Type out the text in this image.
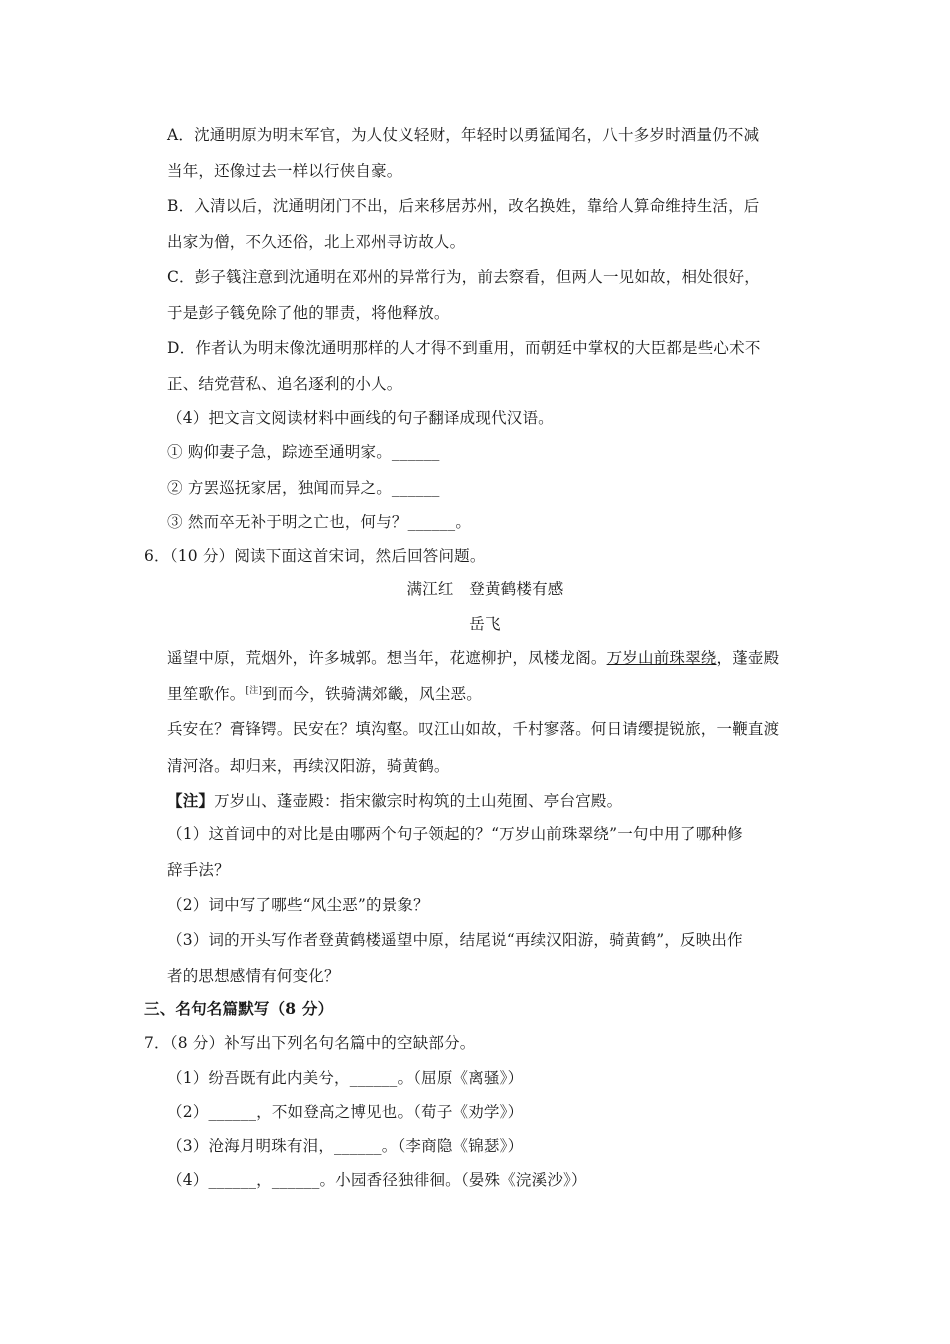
A．沈通明原为明末军官，为人仗义轻财，年轻时以勇猛闻名，八十多岁时酒量仍不减
当年，还像过去一样以行侠自豪。
B．入清以后，沈通明闭门不出，后来移居苏州，改名换姓，靠给人算命维持生活，后
出家为僧，不久还俗，北上邓州寻访故人。
C．彭子篯注意到沈通明在邓州的异常行为，前去察看，但两人一见如故，相处很好，
于是彭子篯免除了他的罪责，将他释放。
D．作者认为明末像沈通明那样的人才得不到重用，而朝廷中掌权的大臣都是些心术不
正、结党营私、追名逐利的小人。
（4）把文言文阅读材料中画线的句子翻译成现代汉语。
① 购仰妻子急，踪迹至通明家。______
② 方罢巡抚家居，独闻而异之。______
③ 然而卒无补于明之亡也，何与？______。
6．（10 分）阅读下面这首宋词，然后回答问题。
满江红　登黄鹤楼有感
岳飞
遥望中原，荒烟外，许多城郭。想当年，花遮柳护，凤楼龙阁。万岁山前珠翠绕，蓬壶殿
里笙歌作。[注]到而今，铁骑满郊畿，风尘恶。
兵安在？膏锋锷。民安在？填沟壑。叹江山如故，千村寥落。何日请缨提锐旅，一鞭直渡
清河洛。却归来，再续汉阳游，骑黄鹤。
【注】万岁山、蓬壶殿：指宋徽宗时构筑的土山苑囿、亭台宫殿。
（1）这首词中的对比是由哪两个句子领起的？“万岁山前珠翠绕”一句中用了哪种修
辞手法？
（2）词中写了哪些“风尘恶”的景象？
（3）词的开头写作者登黄鹤楼遥望中原，结尾说“再续汉阳游，骑黄鹤”，反映出作
者的思想感情有何变化？
三、名句名篇默写（8 分）
7．（8 分）补写出下列名句名篇中的空缺部分。
（1）纷吾既有此内美兮，______。（屈原《离骚》）
（2）______，不如登高之博见也。（荀子《劝学》）
（3）沧海月明珠有泪，______。（李商隐《锦瑟》）
（4）______，______。小园香径独徘徊。（晏殊《浣溪沙》）
